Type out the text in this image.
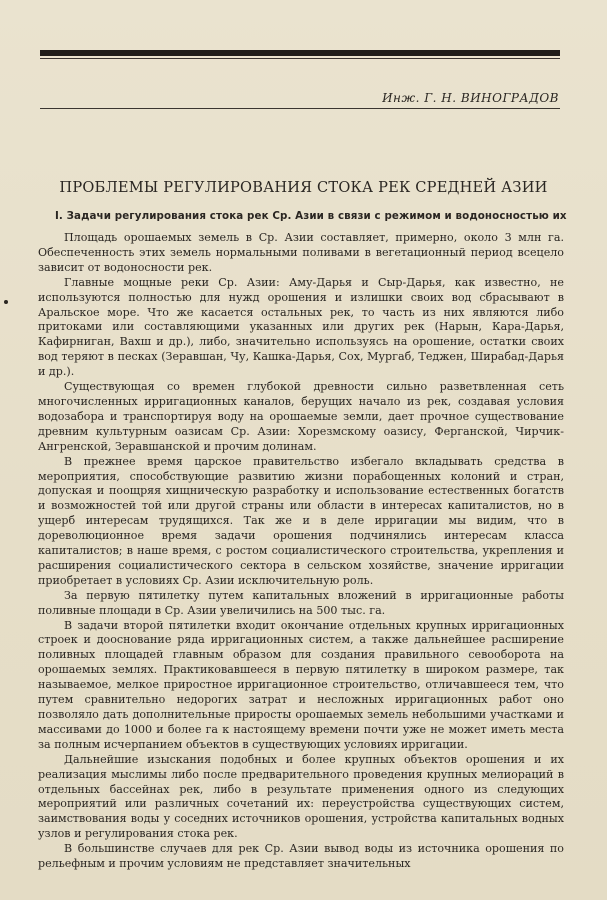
Инж. Г. Н. ВИНОГРАДОВ
ПРОБЛЕМЫ РЕГУЛИРОВАНИЯ СТОКА РЕК СРЕДНЕЙ АЗИИ
I. Задачи регулирования стока рек Ср. Азии в связи с режимом и водоносностью их

Площадь орошаемых земель в Ср. Азии составляет, примерно, около 3 млн га. Обеспеченность этих земель нормальными поливами в вегетационный период всецело зависит от водоносности рек.

Главные мощные реки Ср. Азии: Аму-Дарья и Сыр-Дарья, как известно, не используются полностью для нужд орошения и излишки своих вод сбрасывают в Аральское море. Что же касается остальных рек, то часть из них являются либо притоками или составляющими указанных или других рек (Нарын, Кара-Дарья, Кафирниган, Вахш и др.), либо, значительно используясь на орошение, остатки своих вод теряют в песках (Зеравшан, Чу, Кашка-Дарья, Сох, Мургаб, Теджен, Ширабад-Дарья и др.).

Существующая со времен глубокой древности сильно разветвленная сеть многочисленных ирригационных каналов, берущих начало из рек, создавая условия водозабора и транспортируя воду на орошаемые земли, дает прочное существование древним культурным оазисам Ср. Азии: Хорезмскому оазису, Ферганской, Чирчик-Ангренской, Зеравшанской и прочим долинам.

В прежнее время царское правительство избегало вкладывать средства в мероприятия, способствующие развитию жизни порабощенных колоний и стран, допуская и поощряя хищническую разработку и использование естественных богатств и возможностей той или другой страны или области в интересах капиталистов, но в ущерб интересам трудящихся. Так же и в деле ирригации мы видим, что в дореволюционное время задачи орошения подчинялись интересам класса капиталистов; в наше время, с ростом социалистического строительства, укрепления и расширения социалистического сектора в сельском хозяйстве, значение ирригации приобретает в условиях Ср. Азии исключительную роль.

За первую пятилетку путем капитальных вложений в ирригационные работы поливные площади в Ср. Азии увеличились на 500 тыс. га.

В задачи второй пятилетки входит окончание отдельных крупных ирригационных строек и дооснование ряда ирригационных систем, а также дальнейшее расширение поливных площадей главным образом для создания правильного севооборота на орошаемых землях. Практиковавшееся в первую пятилетку в широком размере, так называемое, мелкое приростное ирригационное строительство, отличавшееся тем, что путем сравнительно недорогих затрат и несложных ирригационных работ оно позволяло дать дополнительные приросты орошаемых земель небольшими участками и массивами до 1000 и более га к настоящему времени почти уже не может иметь места за полным исчерпанием объектов в существующих условиях ирригации.

Дальнейшие изыскания подобных и более крупных объектов орошения и их реализация мыслимы либо после предварительного проведения крупных мелиораций в отдельных бассейнах рек, либо в результате применения одного из следующих мероприятий или различных сочетаний их: переустройства существующих систем, заимствования воды у соседних источников орошения, устройства капитальных водных узлов и регулирования стока рек.

В большинстве случаев для рек Ср. Азии вывод воды из источника орошения по рельефным и прочим условиям не представляет значительных
